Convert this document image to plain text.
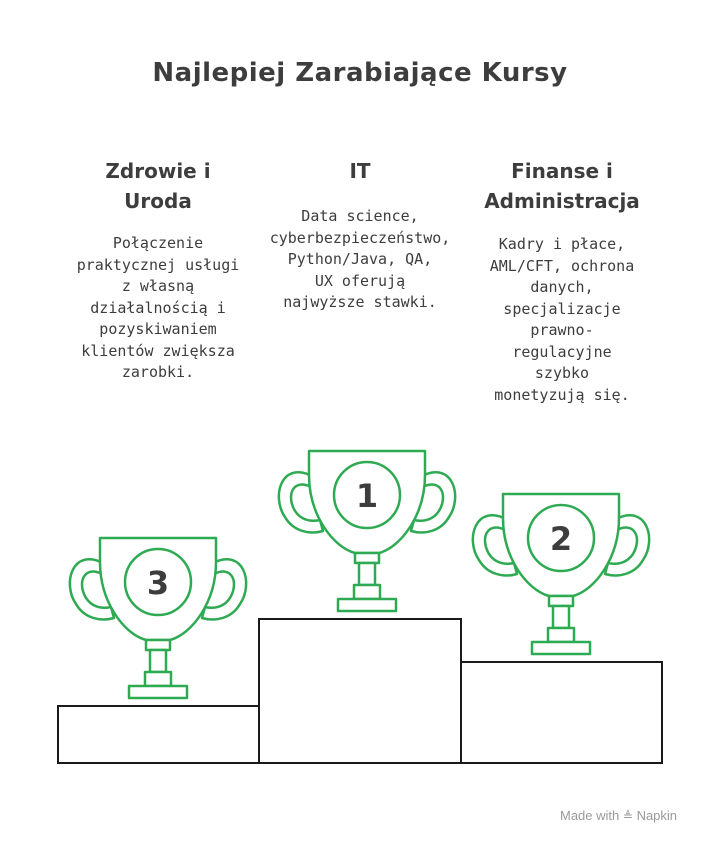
Najlepiej Zarabiające Kursy
Zdrowie i
Uroda
Połączenie
praktycznej usługi
z własną
działalnością i
pozyskiwaniem
klientów zwiększa
zarobki.
IT
Data science,
cyberbezpieczeństwo,
Python/Java, QA,
UX oferują
najwyższe stawki.
Finanse i
Administracja
Kadry i płace,
AML/CFT, ochrona
danych,
specjalizacje
prawno-
regulacyjne
szybko
monetyzują się.
3
1
2
Made with ≜ Napkin
